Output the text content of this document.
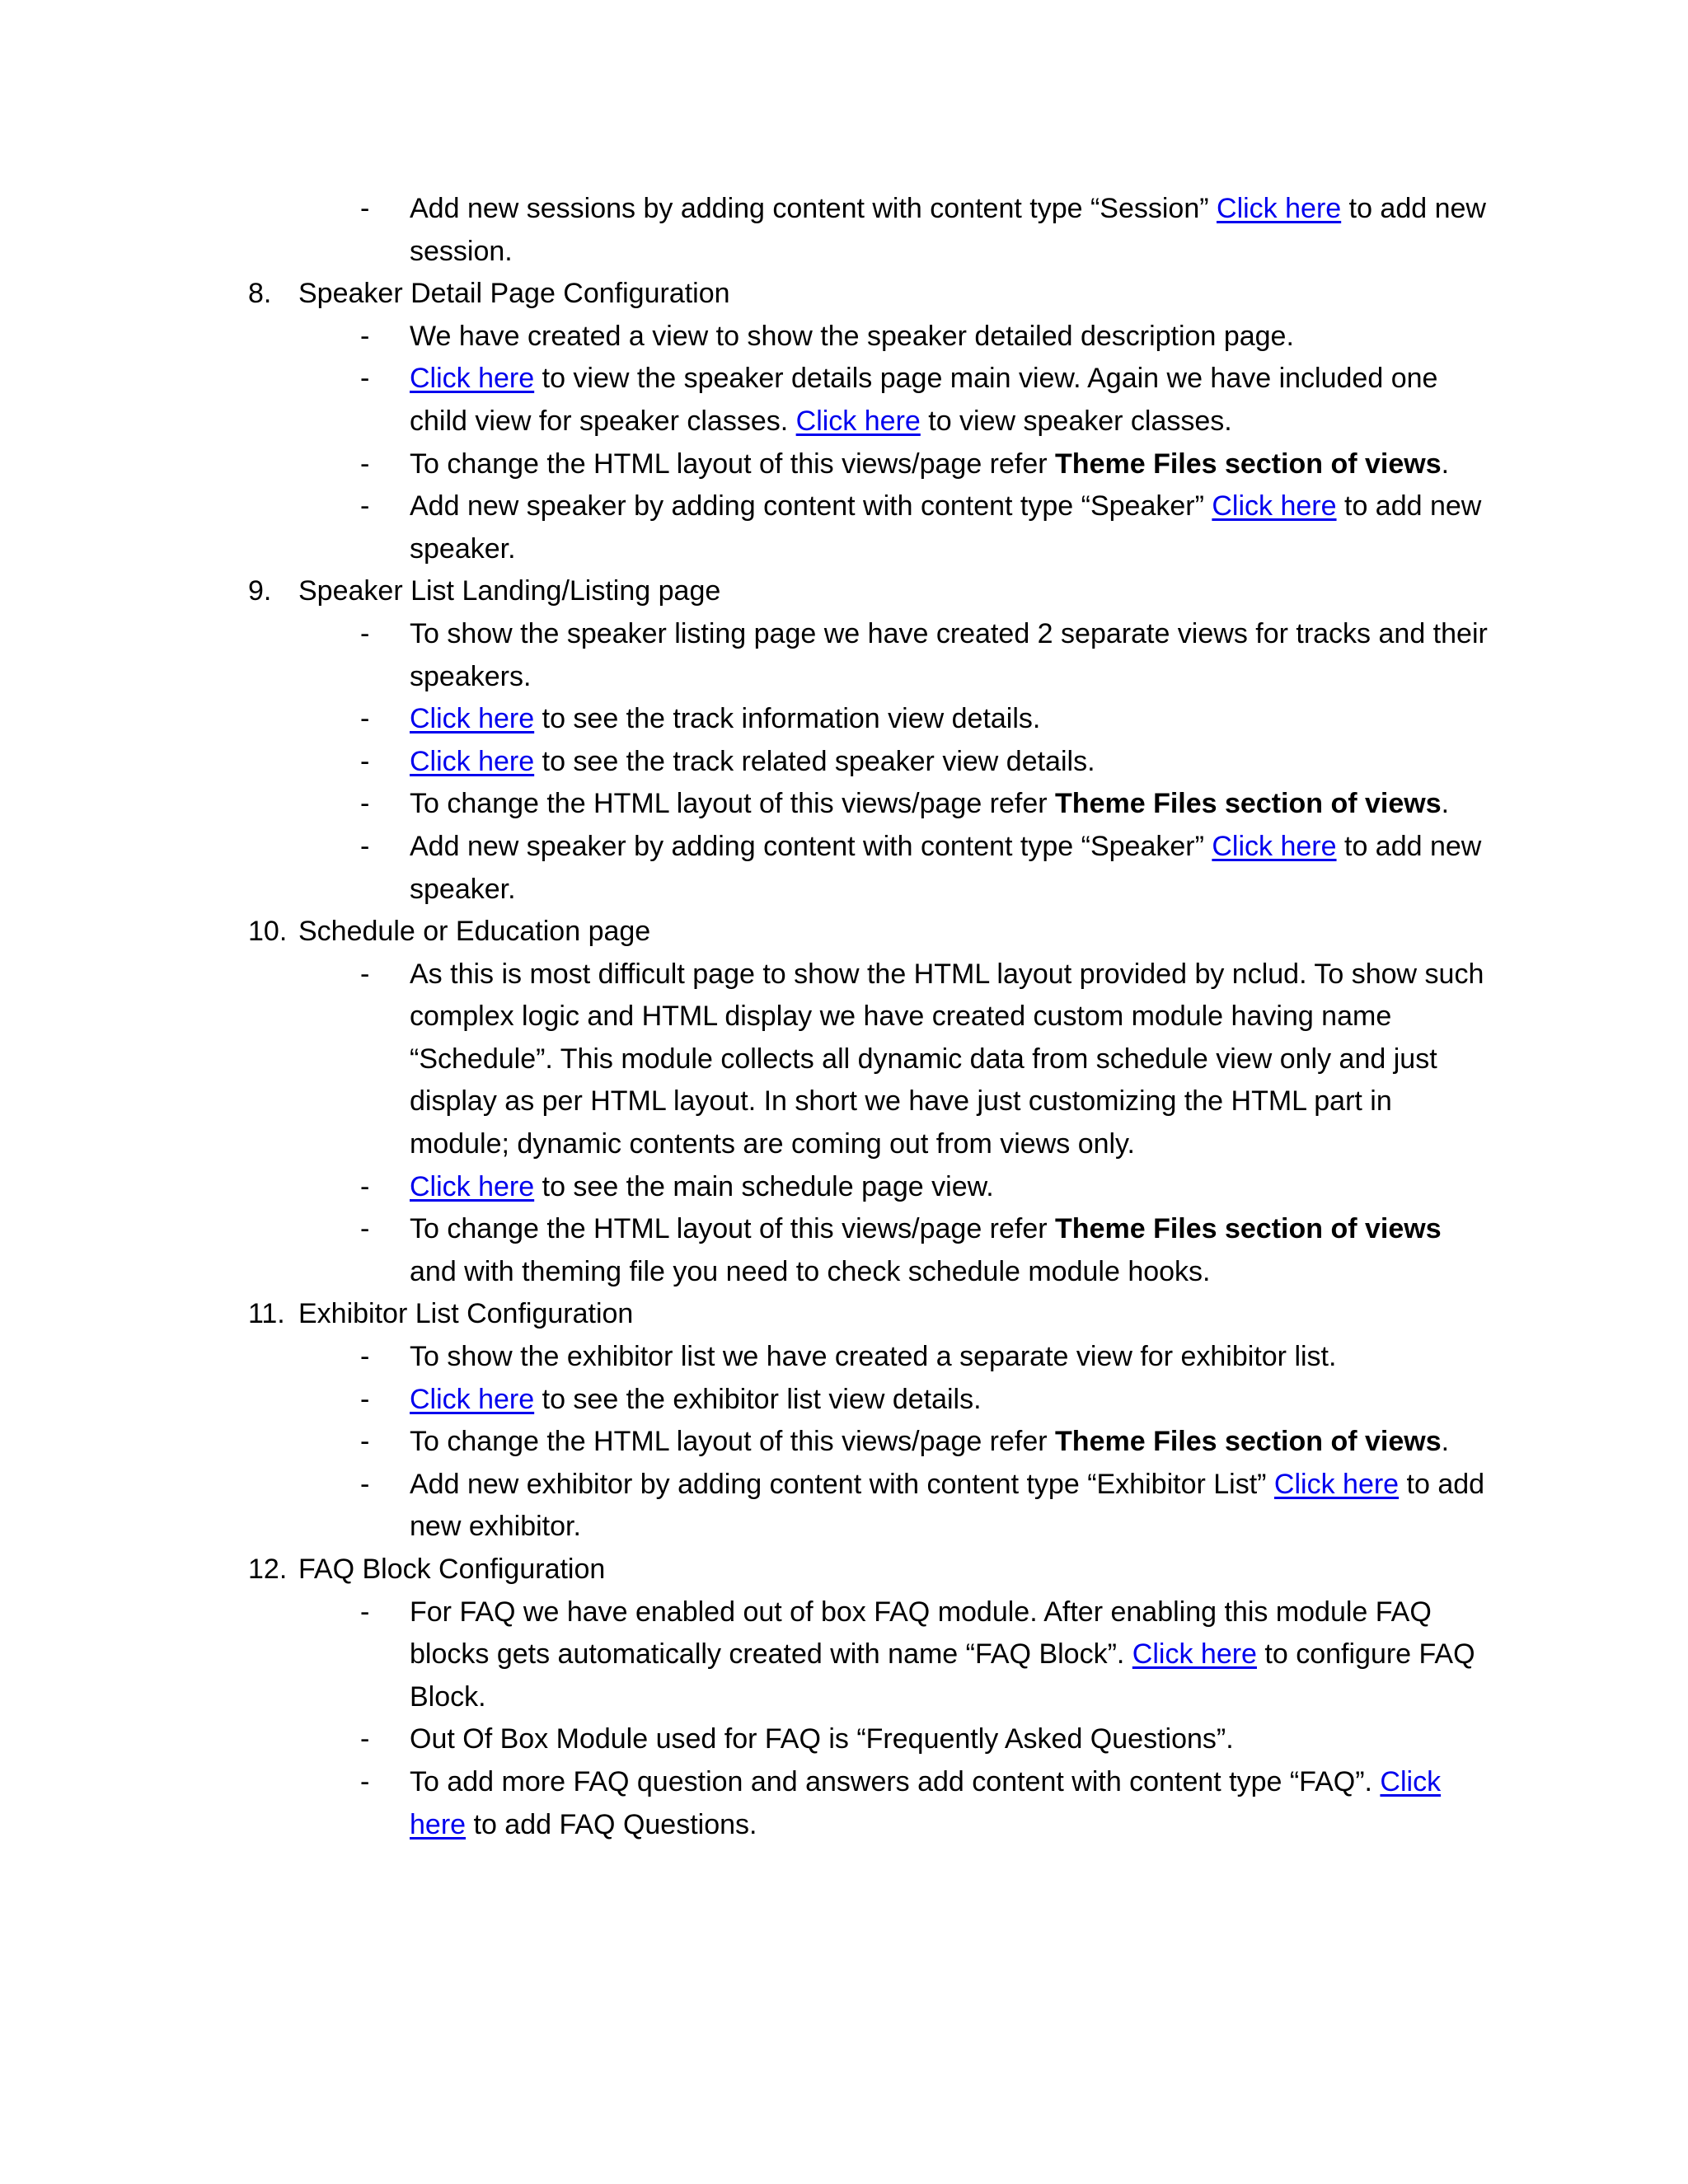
- Add new sessions by adding content with content type “Session” Click here to add new session.
8. Speaker Detail Page Configuration
- We have created a view to show the speaker detailed description page.
- Click here to view the speaker details page main view. Again we have included one child view for speaker classes. Click here to view speaker classes.
- To change the HTML layout of this views/page refer Theme Files section of views.
- Add new speaker by adding content with content type “Speaker” Click here to add new speaker.
9. Speaker List Landing/Listing page
- To show the speaker listing page we have created 2 separate views for tracks and their speakers.
- Click here to see the track information view details.
- Click here to see the track related speaker view details.
- To change the HTML layout of this views/page refer Theme Files section of views.
- Add new speaker by adding content with content type “Speaker” Click here to add new speaker.
10. Schedule or Education page
- As this is most difficult page to show the HTML layout provided by nclud. To show such complex logic and HTML display we have created custom module having name “Schedule”. This module collects all dynamic data from schedule view only and just display as per HTML layout. In short we have just customizing the HTML part in module; dynamic contents are coming out from views only.
- Click here to see the main schedule page view.
- To change the HTML layout of this views/page refer Theme Files section of views and with theming file you need to check schedule module hooks.
11. Exhibitor List Configuration
- To show the exhibitor list we have created a separate view for exhibitor list.
- Click here to see the exhibitor list view details.
- To change the HTML layout of this views/page refer Theme Files section of views.
- Add new exhibitor by adding content with content type “Exhibitor List” Click here to add new exhibitor.
12. FAQ Block Configuration
- For FAQ we have enabled out of box FAQ module. After enabling this module FAQ blocks gets automatically created with name “FAQ Block”. Click here to configure FAQ Block.
- Out Of Box Module used for FAQ is “Frequently Asked Questions”.
- To add more FAQ question and answers add content with content type “FAQ”. Click here to add FAQ Questions.
